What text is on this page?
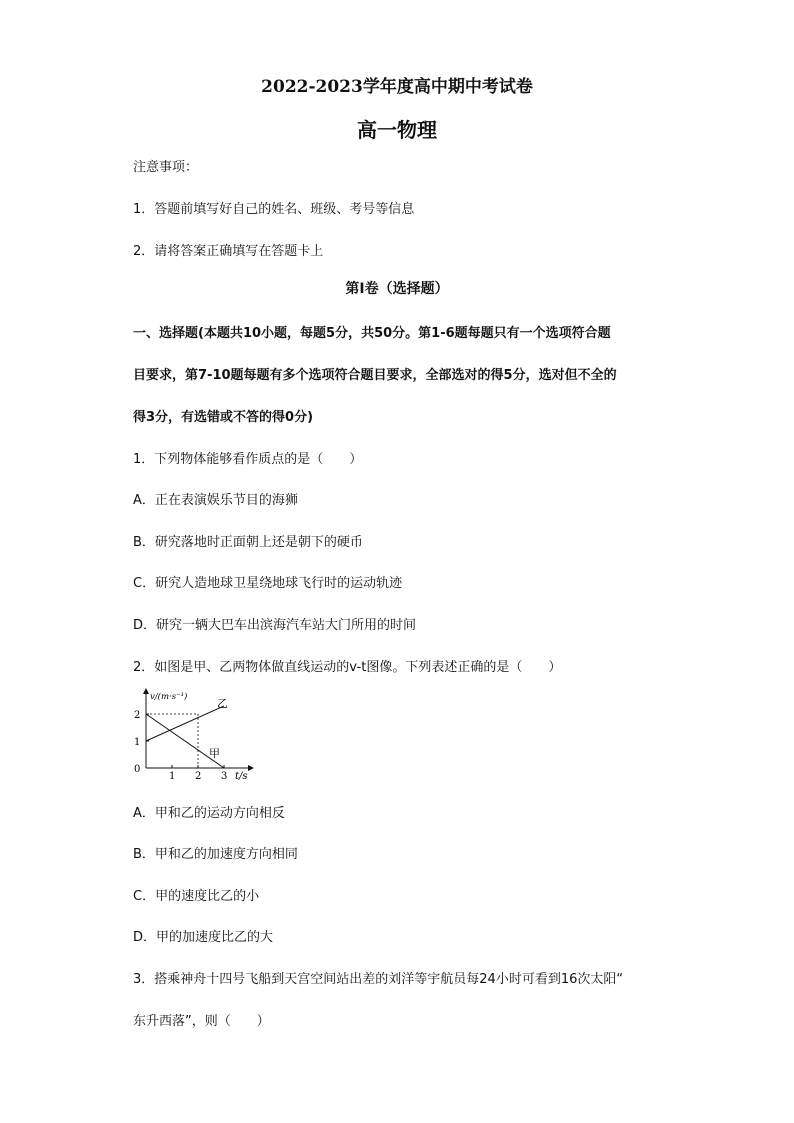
2022-2023学年度高中期中考试卷
高一物理
注意事项：
1．答题前填写好自己的姓名、班级、考号等信息
2．请将答案正确填写在答题卡上
第Ⅰ卷（选择题）
一、选择题(本题共10小题，每题5分，共50分。第1-6题每题只有一个选项符合题
目要求，第7-10题每题有多个选项符合题目要求，全部选对的得5分，选对但不全的
得3分，有选错或不答的得0分)
1．下列物体能够看作质点的是（　　）
A．正在表演娱乐节目的海狮
B．研究落地时正面朝上还是朝下的硬币
C．研究人造地球卫星绕地球飞行时的运动轨迹
D．研究一辆大巴车出滨海汽车站大门所用的时间
2．如图是甲、乙两物体做直线运动的v-t图像。下列表述正确的是（　　）
1 2 3
0
1
2
v/(m·s⁻¹)
t/s
甲
乙
A．甲和乙的运动方向相反
B．甲和乙的加速度方向相同
C．甲的速度比乙的小
D．甲的加速度比乙的大
3．搭乘神舟十四号飞船到天宫空间站出差的刘洋等宇航员每24小时可看到16次太阳“
东升西落”，则（　　）
